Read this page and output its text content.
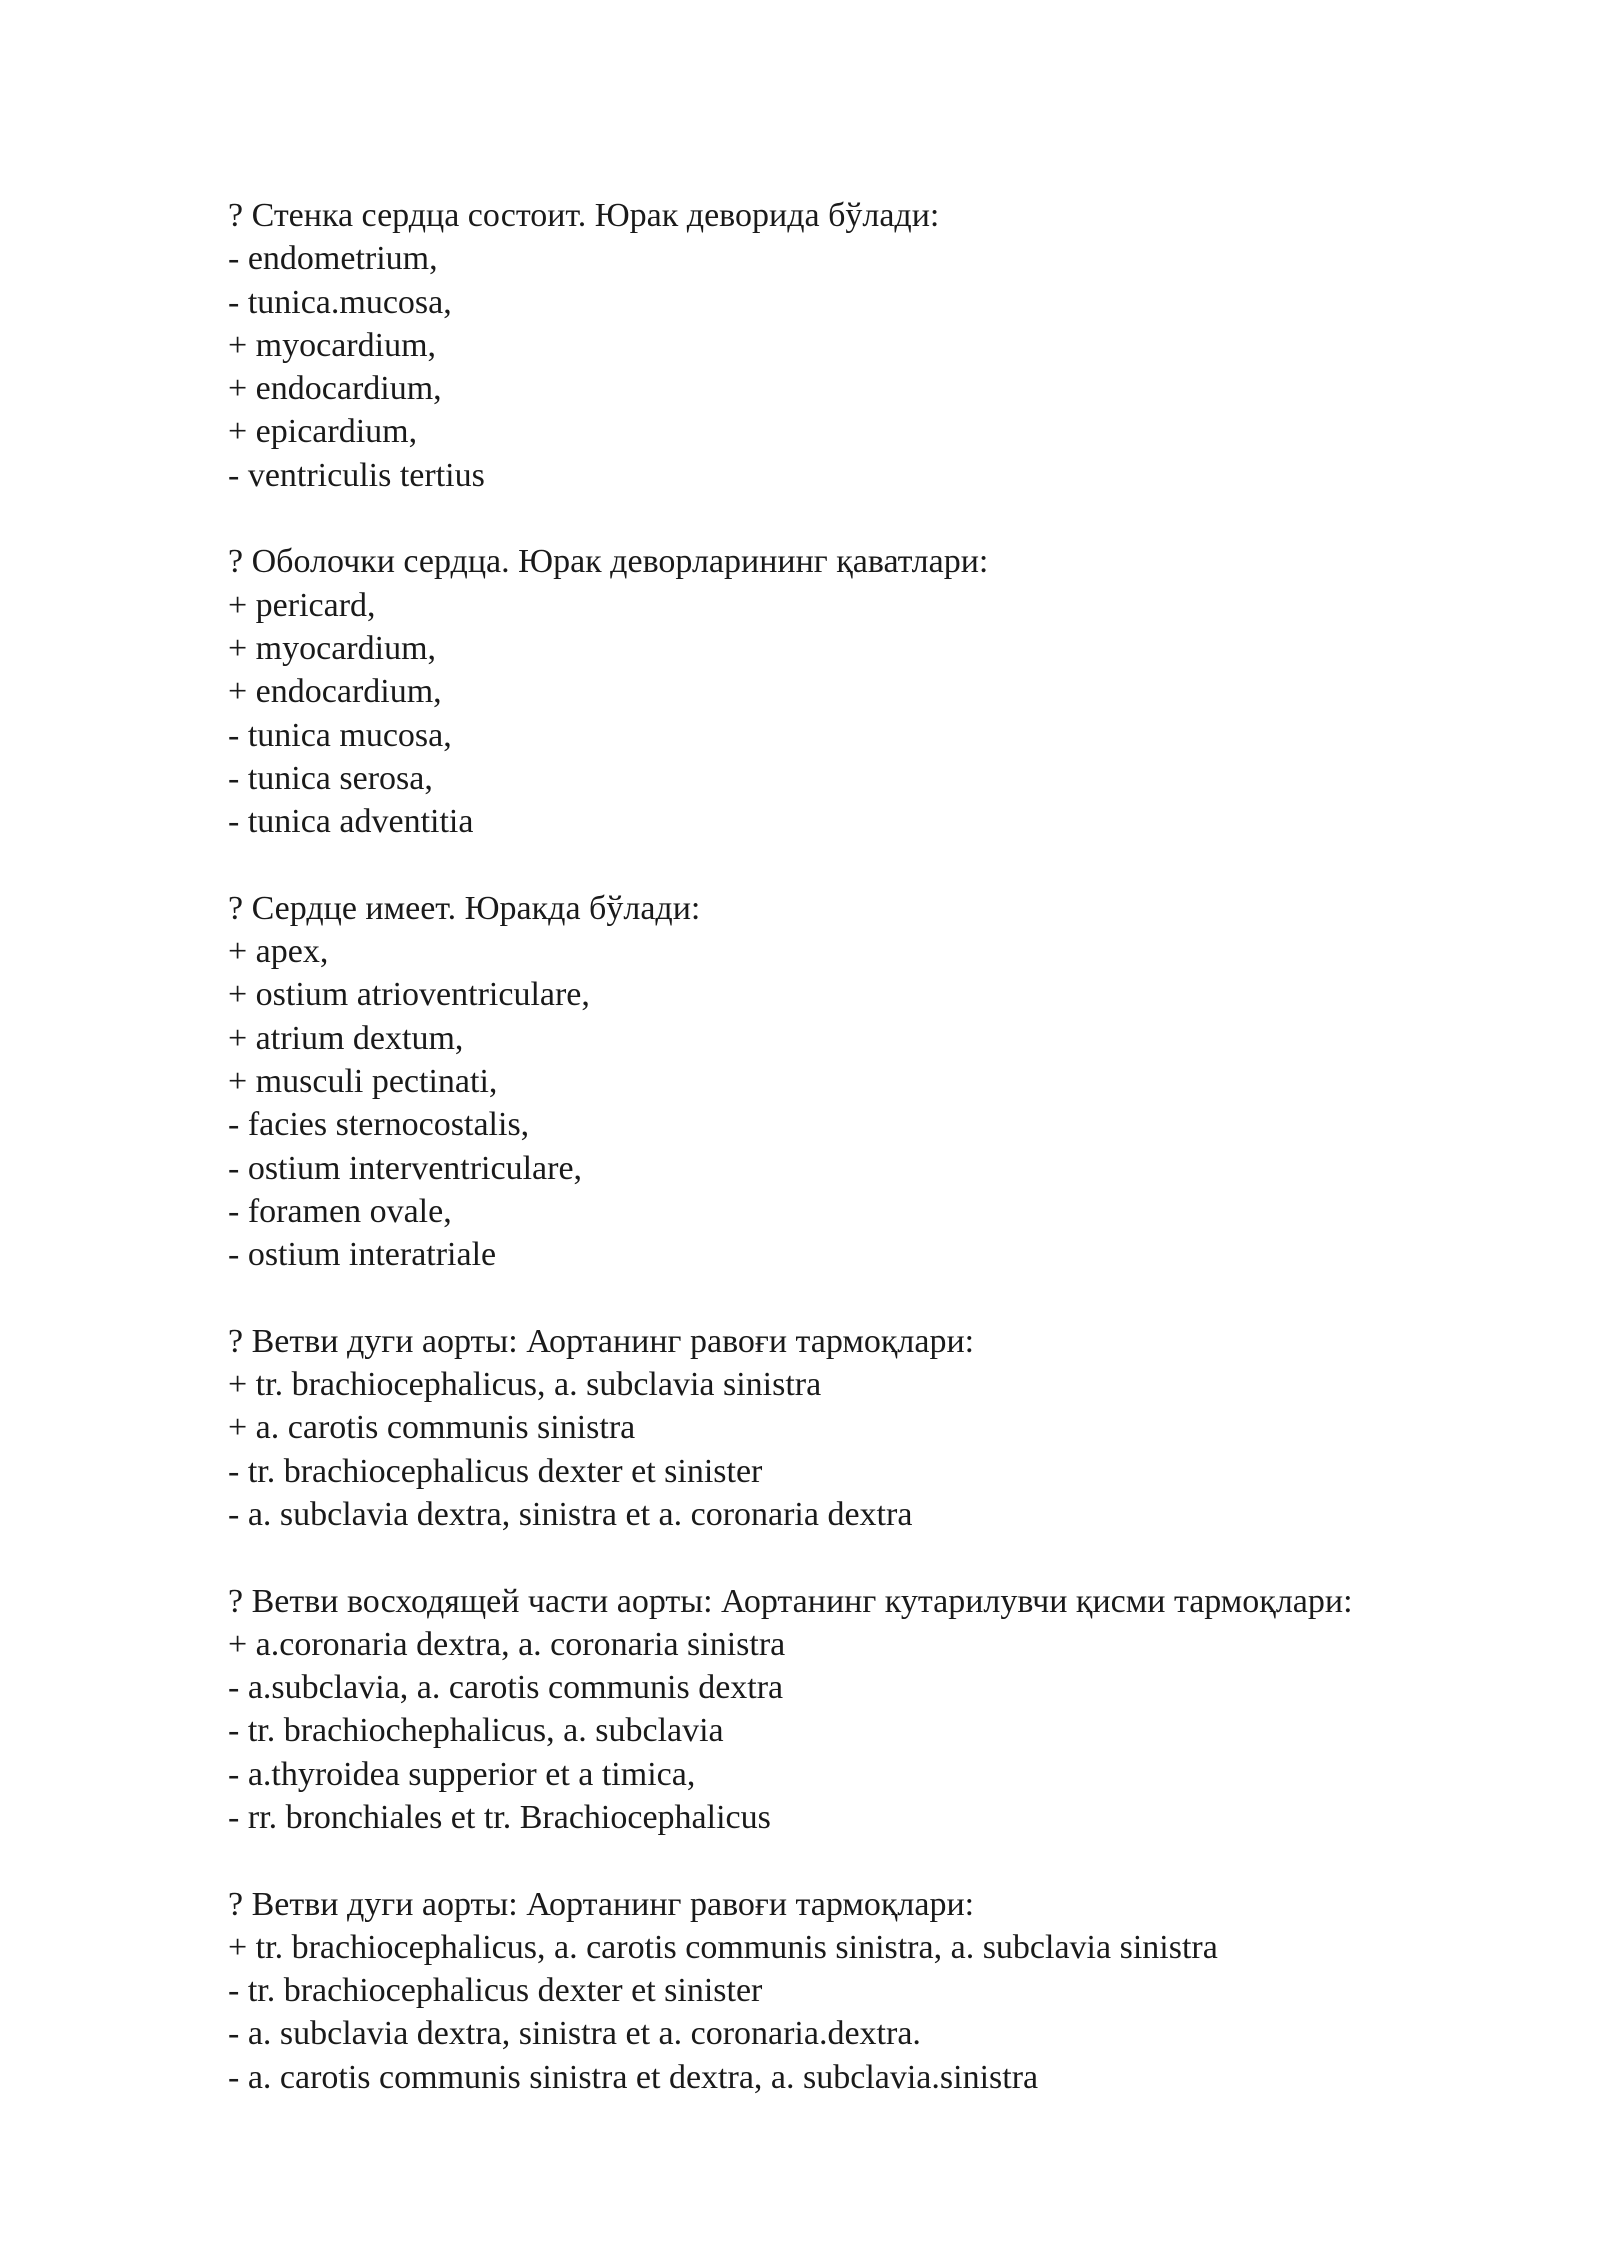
? Стенка сердца состоит. Юрак деворида бўлади:
- endometrium,
- tunica.mucosa,
+ myocardium,
+ endocardium,
+ epicardium,
- ventriculis tertius
? Оболочки сердца. Юрак деворларининг қаватлари:
+ pericard,
+ myocardium,
+ endocardium,
- tunica mucosa,
- tunica serosa,
- tunica adventitia
? Сердце имеет. Юракда бўлади:
+ apex,
+ ostium atrioventriculare,
+ atrium dextum,
+ musculi pectinati,
- facies sternocostalis,
- ostium interventriculare,
- foramen ovale,
- ostium interatriale
? Ветви дуги аорты: Аортанинг равоғи тармоқлари:
+ tr. brachiocephalicus, a. subclavia sinistra
+ a. carotis communis sinistra
- tr. brachiocephalicus dexter et sinister
- a. subclavia dextra, sinistra et a. coronaria dextra
? Ветви восходящей части аорты: Аортанинг кутарилувчи қисми тармоқлари:
+ a.coronaria dextra, a. coronaria sinistra
- a.subclavia, a. carotis communis dextra
- tr. brachiochephalicus, a. subclavia
- a.thyroidea supperior et a timica,
- rr. bronchiales et tr. Brachiocephalicus
? Ветви дуги аорты: Аортанинг равоғи тармоқлари:
+ tr. brachiocephalicus, a. carotis communis sinistra, a. subclavia sinistra
- tr. brachiocephalicus dexter et sinister
- a. subclavia dextra, sinistra et a. coronaria.dextra.
- a. carotis communis sinistra et dextra, a. subclavia.sinistra
